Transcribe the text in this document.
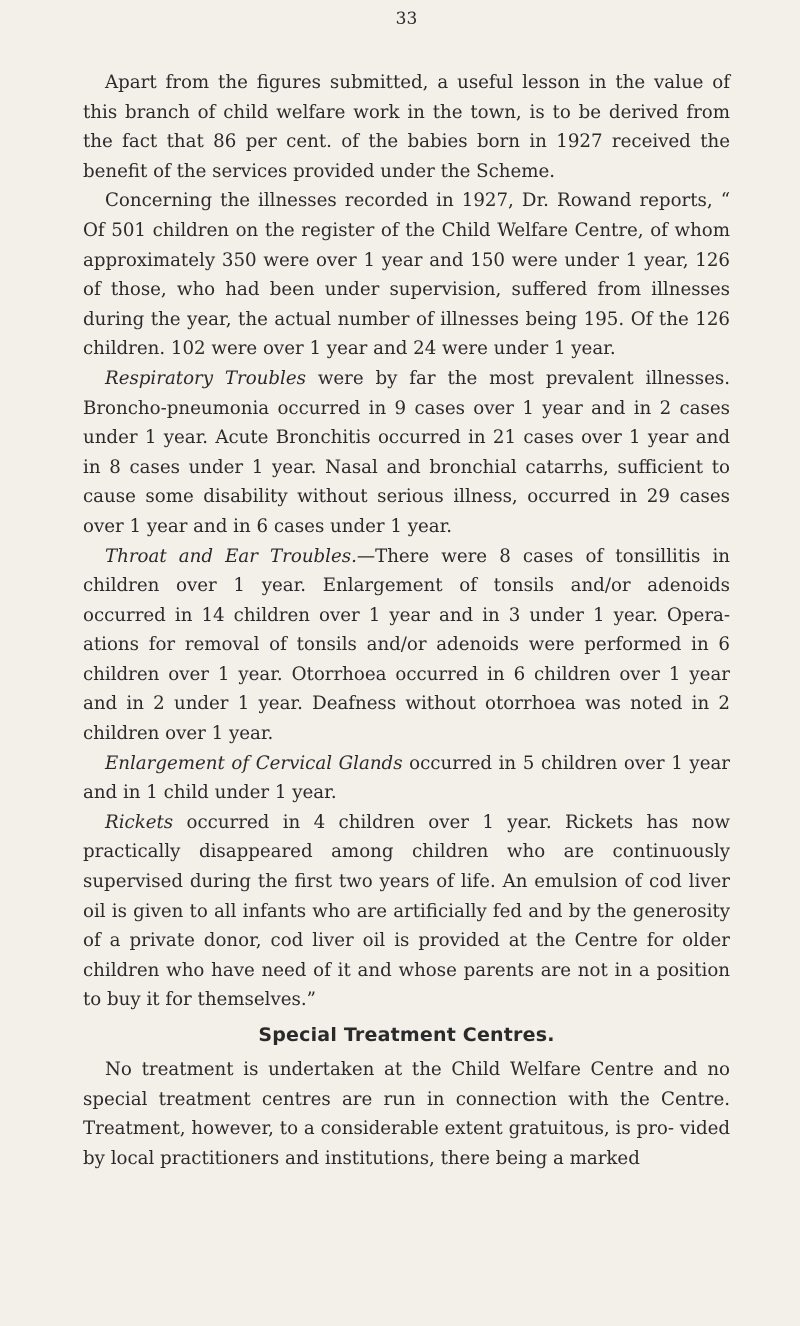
33

Apart from the figures submitted, a useful lesson in the value of this branch of child welfare work in the town, is to be derived from the fact that 86 per cent. of the babies born in 1927 received the benefit of the services provided under the Scheme.

Concerning the illnesses recorded in 1927, Dr. Rowand reports, “ Of 501 children on the register of the Child Welfare Centre, of whom approximately 350 were over 1 year and 150 were under 1 year, 126 of those, who had been under supervision, suffered from illnesses during the year, the actual number of illnesses being 195. Of the 126 children. 102 were over 1 year and 24 were under 1 year.

Respiratory Troubles were by far the most prevalent illnesses. Broncho-pneumonia occurred in 9 cases over 1 year and in 2 cases under 1 year. Acute Bronchitis occurred in 21 cases over 1 year and in 8 cases under 1 year. Nasal and bronchial catarrhs, sufficient to cause some disability without serious illness, occurred in 29 cases over 1 year and in 6 cases under 1 year.

Throat and Ear Troubles.—There were 8 cases of tonsillitis in children over 1 year. Enlargement of tonsils and/or adenoids occurred in 14 children over 1 year and in 3 under 1 year. Opera- ations for removal of tonsils and/or adenoids were performed in 6 children over 1 year. Otorrhoea occurred in 6 children over 1 year and in 2 under 1 year. Deafness without otorrhoea was noted in 2 children over 1 year.

Enlargement of Cervical Glands occurred in 5 children over 1 year and in 1 child under 1 year.

Rickets occurred in 4 children over 1 year. Rickets has now practically disappeared among children who are continuously supervised during the first two years of life. An emulsion of cod liver oil is given to all infants who are artificially fed and by the generosity of a private donor, cod liver oil is provided at the Centre for older children who have need of it and whose parents are not in a position to buy it for themselves.”

Special Treatment Centres.

No treatment is undertaken at the Child Welfare Centre and no special treatment centres are run in connection with the Centre. Treatment, however, to a considerable extent gratuitous, is pro- vided by local practitioners and institutions, there being a marked
